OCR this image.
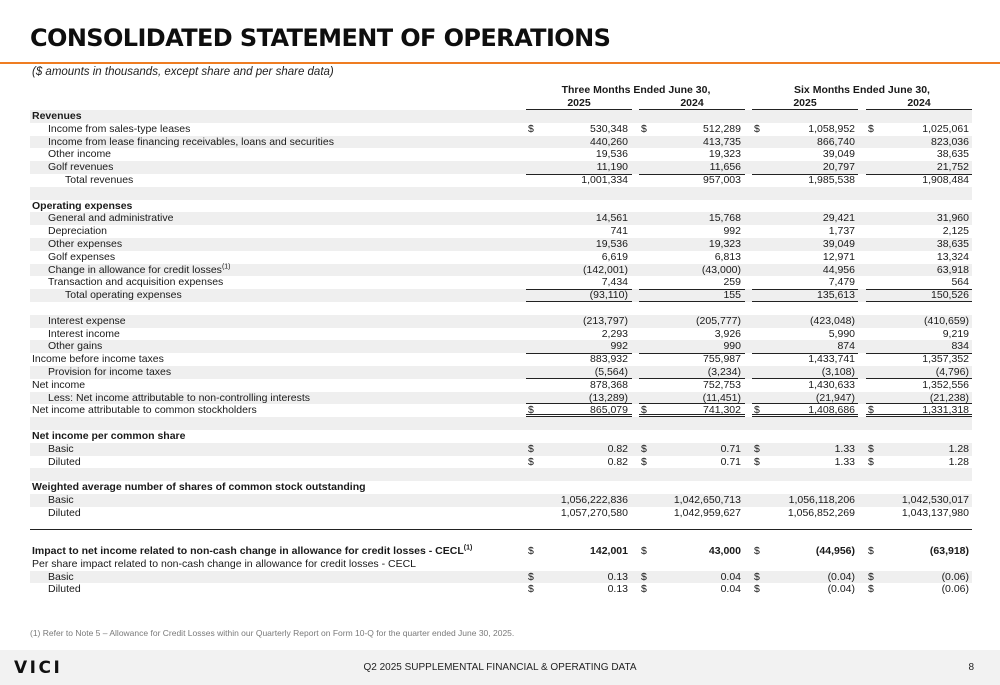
CONSOLIDATED STATEMENT OF OPERATIONS
($ amounts in thousands, except share and per share data)
Three Months Ended June 30,	Six Months Ended June 30,
2025	2024	2025	2024
Revenues
Income from sales-type leases	$	530,348 $	512,289 $	1,058,952 $	1,025,061
Income from lease financing receivables, loans and securities	440,260	413,735	866,740	823,036
Other income	19,536	19,323	39,049	38,635
Golf revenues	11,190	11,656	20,797	21,752
Total revenues	1,001,334	957,003	1,985,538	1,908,484
Operating expenses
General and administrative	14,561	15,768	29,421	31,960
Depreciation	741	992	1,737	2,125
Other expenses	19,536	19,323	39,049	38,635
Golf expenses	6,619	6,813	12,971	13,324
Change in allowance for credit losses$^{(1)}$	(142,001)	(43,000)	44,956	63,918
Transaction and acquisition expenses	7,434	259	7,479	564
Total operating expenses	(93,110)	155	135,613	150,526
Interest expense	(213,797)	(205,777)	(423,048)	(410,659)
Interest income	2,293	3,926	5,990	9,219
Other gains	992	990	874	834
Income before income taxes	883,932	755,987	1,433,741	1,357,352
Provision for income taxes	(5,564)	(3,234)	(3,108)	(4,796)
Net income	878,368	752,753	1,430,633	1,352,556
Less: Net income attributable to non-controlling interests	(13,289)	(11,451)	(21,947)	(21,238)
Net income attributable to common stockholders	$	865,079 $	741,302 $	1,408,686 $	1,331,318
Net income per common share
Basic	$	0.82 $	0.71 $	1.33 $	1.28
Diluted	$	0.82 $	0.71 $	1.33 $	1.28
Weighted average number of shares of common stock outstanding
Basic	1,056,222,836	1,042,650,713	1,056,118,206	1,042,530,017
Diluted	1,057,270,580	1,042,959,627	1,056,852,269	1,043,137,980
Impact to net income related to non-cash change in allowance for credit losses - CECL$^{(1)}$	$	142,001 $	43,000 $	(44,956) $	(63,918)
Per share impact related to non-cash change in allowance for credit losses - CECL
Basic	$	0.13 $	0.04 $	(0.04) $	(0.06)
Diluted	$	0.13 $	0.04 $	(0.04) $	(0.06)
(1) Refer to Note 5 – Allowance for Credit Losses within our Quarterly Report on Form 10-Q for the quarter ended June 30, 2025.
VICI	Q2 2025 SUPPLEMENTAL FINANCIAL & OPERATING DATA	8
